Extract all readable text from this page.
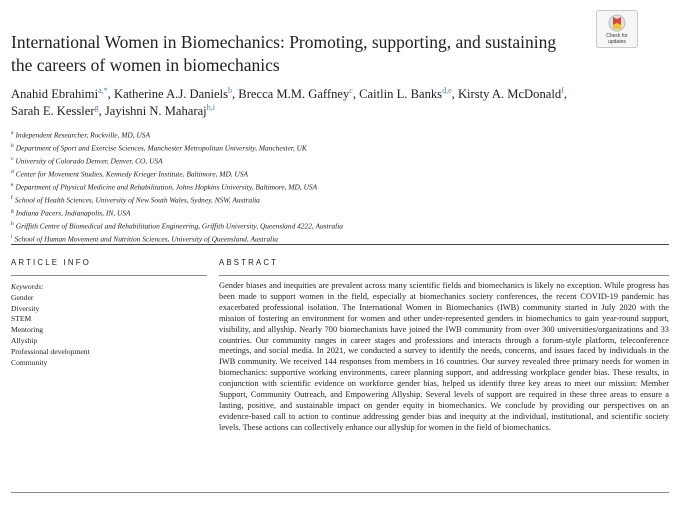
International Women in Biomechanics: Promoting, supporting, and sustaining the careers of women in biomechanics
Check for
updates
Anahid Ebrahimi$^{a,*}$, Katherine A.J. Daniels$^b$, Brecca M.M. Gaffney$^c$, Caitlin L. Banks$^{d,e}$, Kirsty A. McDonald$^f$, Sarah E. Kessler$^g$, Jayishni N. Maharaj$^{h,i}$
$^a$ Independent Researcher, Rockville, MD, USA
$^b$ Department of Sport and Exercise Sciences, Manchester Metropolitan University, Manchester, UK
$^c$ University of Colorado Denver, Denver, CO, USA
$^d$ Center for Movement Studies, Kennedy Krieger Institute, Baltimore, MD, USA
$^e$ Department of Physical Medicine and Rehabilitation, Johns Hopkins University, Baltimore, MD, USA
$^f$ School of Health Sciences, University of New South Wales, Sydney, NSW, Australia
$^g$ Indiana Pacers, Indianapolis, IN, USA
$^h$ Griffith Centre of Biomedical and Rehabilitation Engineering, Griffith University, Queensland 4222, Australia
$^i$ School of Human Movement and Nutrition Sciences, University of Queensland, Australia
ARTICLE INFO	ABSTRACT
Keywords:
Gender
Diversity
STEM
Mentoring
Allyship
Professional development
Community

Gender biases and inequities are prevalent across many scientific fields and biomechanics is likely no exception. While progress has been made to support women in the field, especially at biomechanics society conferences, the recent COVID-19 pandemic has exacerbated professional isolation. The International Women in Biomechanics (IWB) community started in July 2020 with the mission of fostering an environment for women and other under-represented genders in biomechanics to gain year-round support, visibility, and allyship. Nearly 700 biomechanists have joined the IWB community from over 300 universities/organizations and 33 countries. Our community ranges in career stages and professions and interacts through a forum-style platform, teleconference meetings, and social media. In 2021, we conducted a survey to identify the needs, concerns, and issues faced by individuals in the IWB community. We received 144 responses from members in 16 countries. Our survey revealed three primary needs for women in biomechanics: supportive working environments, career planning support, and addressing workplace gender bias. These results, in conjunction with scientific evidence on workforce gender bias, helped us identify three key areas to meet our mission: Member Support, Community Outreach, and Empowering Allyship. Several levels of support are required in these three areas to ensure a lasting, positive, and sustainable impact on gender equity in biomechanics. We conclude by providing our perspectives on an evidence-based call to action to continue addressing gender bias and inequity at the individual, institutional, and scientific society levels. These actions can collectively enhance our allyship for women in the field of biomechanics.
